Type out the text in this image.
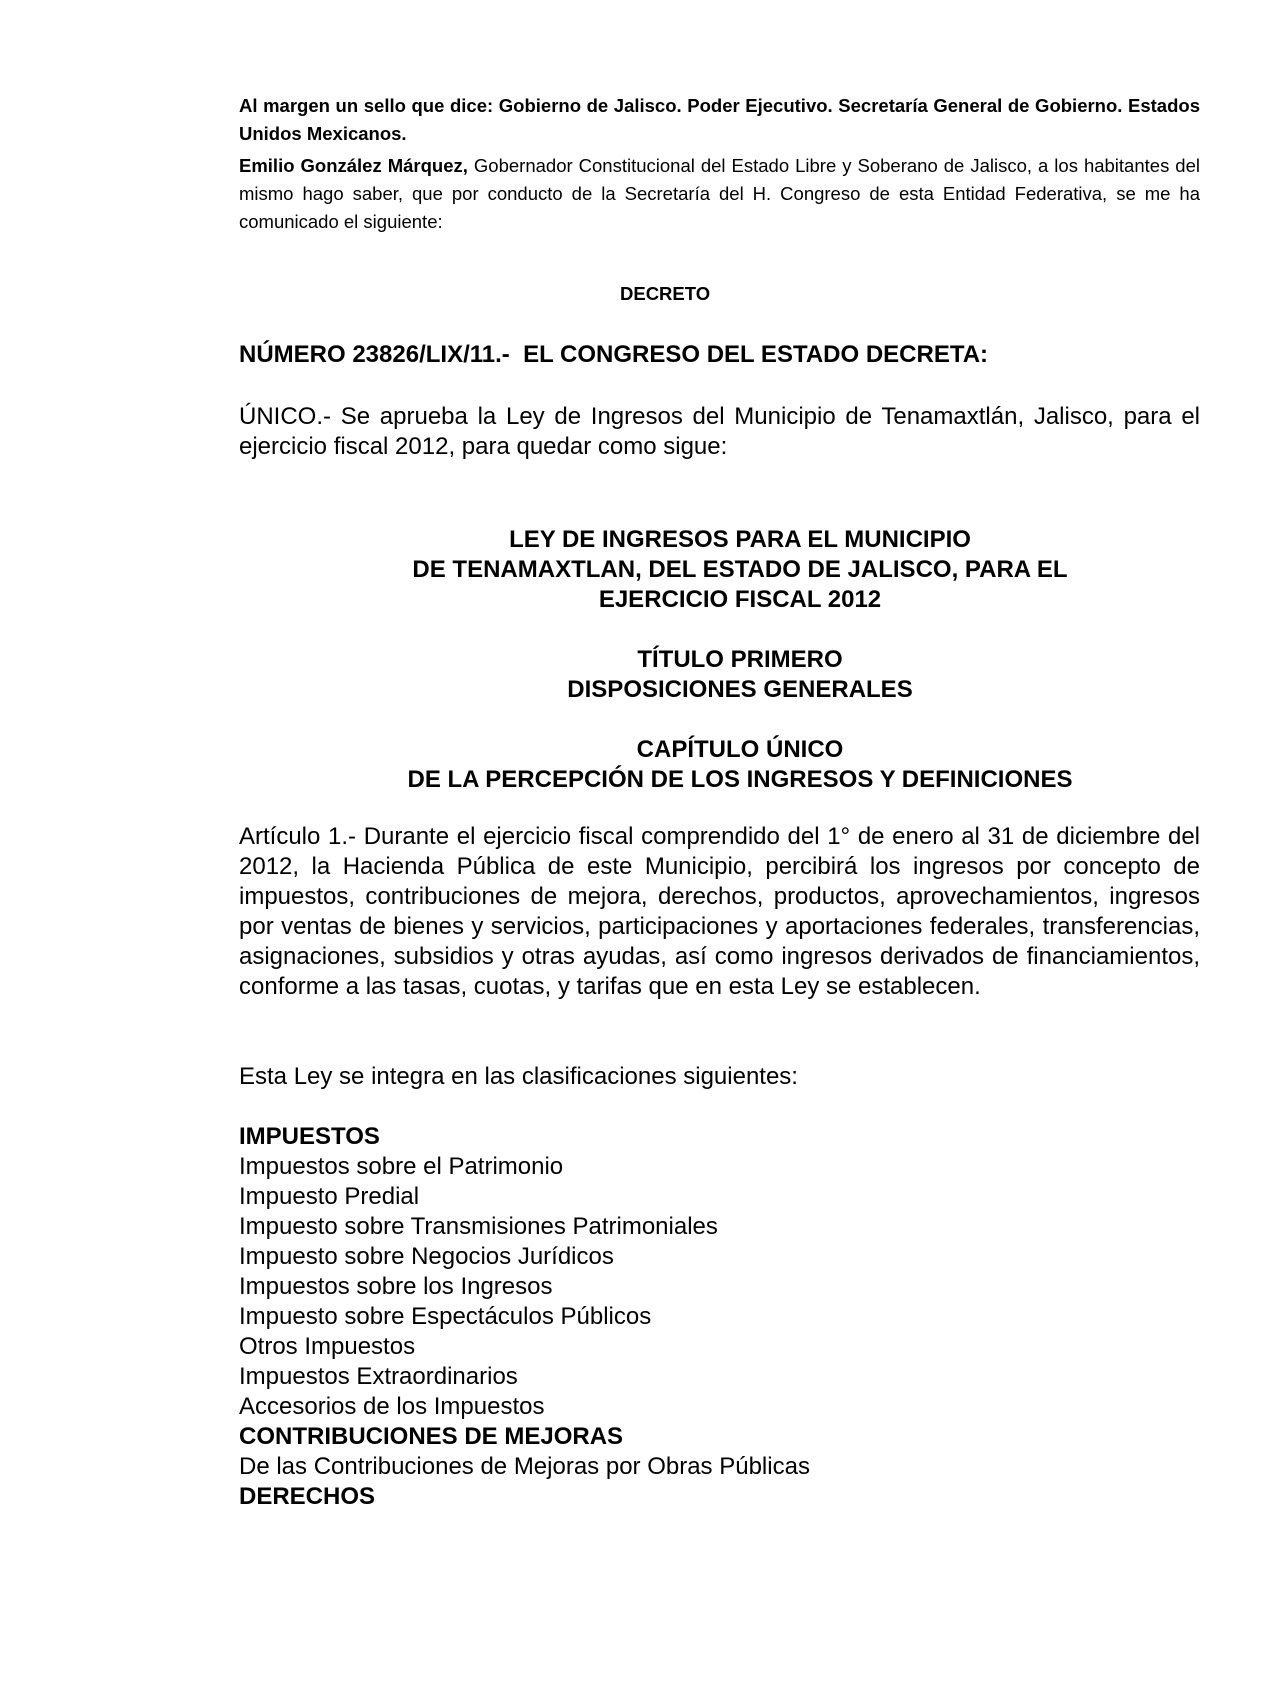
Al margen un sello que dice: Gobierno de Jalisco. Poder Ejecutivo. Secretaría General de Gobierno. Estados Unidos Mexicanos.

Emilio González Márquez, Gobernador Constitucional del Estado Libre y Soberano de Jalisco, a los habitantes del mismo hago saber, que por conducto de la Secretaría del H. Congreso de esta Entidad Federativa, se me ha comunicado el siguiente:

DECRETO

NÚMERO 23826/LIX/11.-  EL CONGRESO DEL ESTADO DECRETA:

ÚNICO.- Se aprueba la Ley de Ingresos del Municipio de Tenamaxtlán, Jalisco, para el ejercicio fiscal 2012, para quedar como sigue:

LEY DE INGRESOS PARA EL MUNICIPIO

DE TENAMAXTLAN, DEL ESTADO DE JALISCO, PARA EL

EJERCICIO FISCAL 2012

TÍTULO PRIMERO

DISPOSICIONES GENERALES

CAPÍTULO ÚNICO

DE LA PERCEPCIÓN DE LOS INGRESOS Y DEFINICIONES

Artículo 1.- Durante el ejercicio fiscal comprendido del 1° de enero al 31 de diciembre del 2012, la Hacienda Pública de este Municipio, percibirá los ingresos por concepto de impuestos, contribuciones de mejora, derechos, productos, aprovechamientos, ingresos por ventas de bienes y servicios, participaciones y aportaciones federales, transferencias, asignaciones, subsidios y otras ayudas, así como ingresos derivados de financiamientos, conforme a las tasas, cuotas, y tarifas que en esta Ley se establecen.

Esta Ley se integra en las clasificaciones siguientes:

IMPUESTOS

Impuestos sobre el Patrimonio

Impuesto Predial

Impuesto sobre Transmisiones Patrimoniales

Impuesto sobre Negocios Jurídicos

Impuestos sobre los Ingresos

Impuesto sobre Espectáculos Públicos

Otros Impuestos

Impuestos Extraordinarios

Accesorios de los Impuestos

CONTRIBUCIONES DE MEJORAS

De las Contribuciones de Mejoras por Obras Públicas

DERECHOS
